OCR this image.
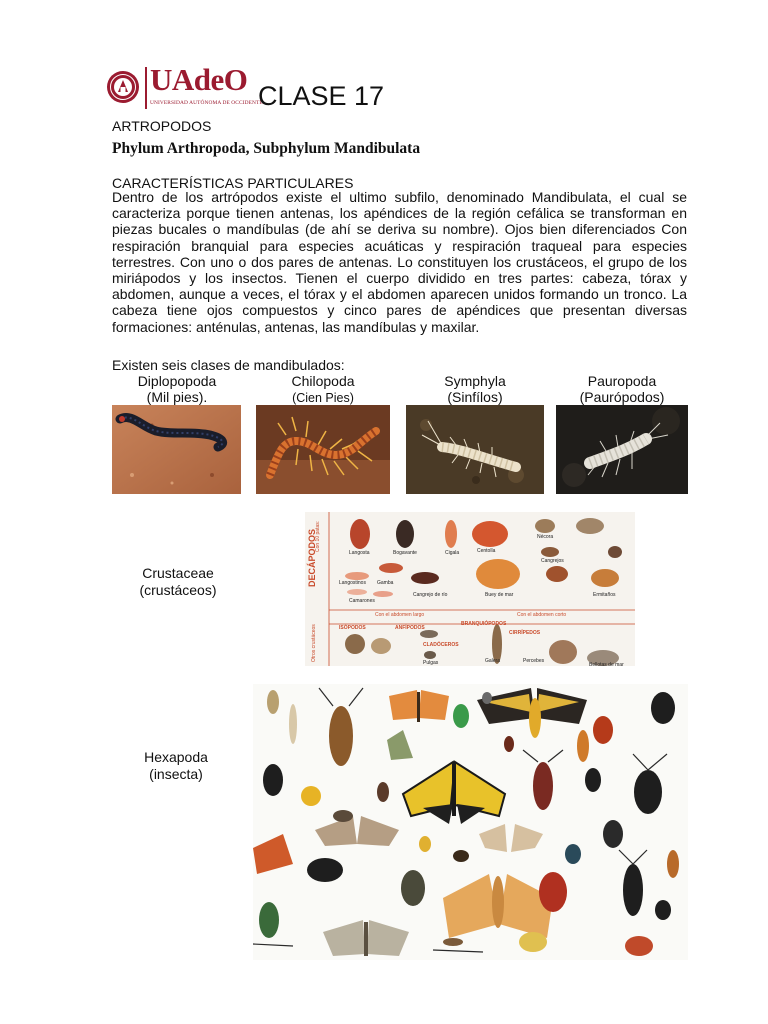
UAdeO
UNIVERSIDAD AUTÓNOMA DE OCCIDENTE
CLASE 17
ARTROPODOS
Phylum Arthropoda, Subphylum Mandibulata
CARACTERÍSTICAS PARTICULARES
Dentro de los artrópodos existe el ultimo subfilo, denominado Mandibulata, el cual se caracteriza porque tienen antenas, los apéndices de la región cefálica se transforman en piezas bucales o mandíbulas (de ahí se deriva su nombre). Ojos bien diferenciados Con respiración branquial para especies acuáticas y respiración traqueal para especies terrestres. Con uno o dos pares de antenas. Lo constituyen los crustáceos, el grupo de los miriápodos y los insectos. Tienen el cuerpo dividido en tres partes: cabeza, tórax y abdomen, aunque a veces, el tórax y el abdomen aparecen unidos formando un tronco. La cabeza tiene ojos compuestos y cinco pares de apéndices que presentan diversas formaciones: anténulas, antenas, las mandíbulas y maxilar.
Existen seis clases de mandibulados:
Diplopopoda
(Mil pies).
Chilopoda
(Cien Pies)
Symphyla
(Sinfílos)
Pauropoda
(Paurópodos)
Crustaceae
(crustáceos)
DECÁPODOS
Con 10 patas:
Otros crustáceos
Langosta	Bogavante	Cigala	Centolla
Nécora
Cangrejos
Gamba
Langostinos
Camarones
Cangrejo de río	Buey de mar	Ermitaños
Con el abdomen largo	Con el abdomen corto
ISÓPODOS	ANFÍPODOS
BRANQUIÓPODOS
CLADÓCEROS
CIRRÍPEDOS
Pulgas	Galera	Percebes
Bellotas de mar
Hexapoda
(insecta)
